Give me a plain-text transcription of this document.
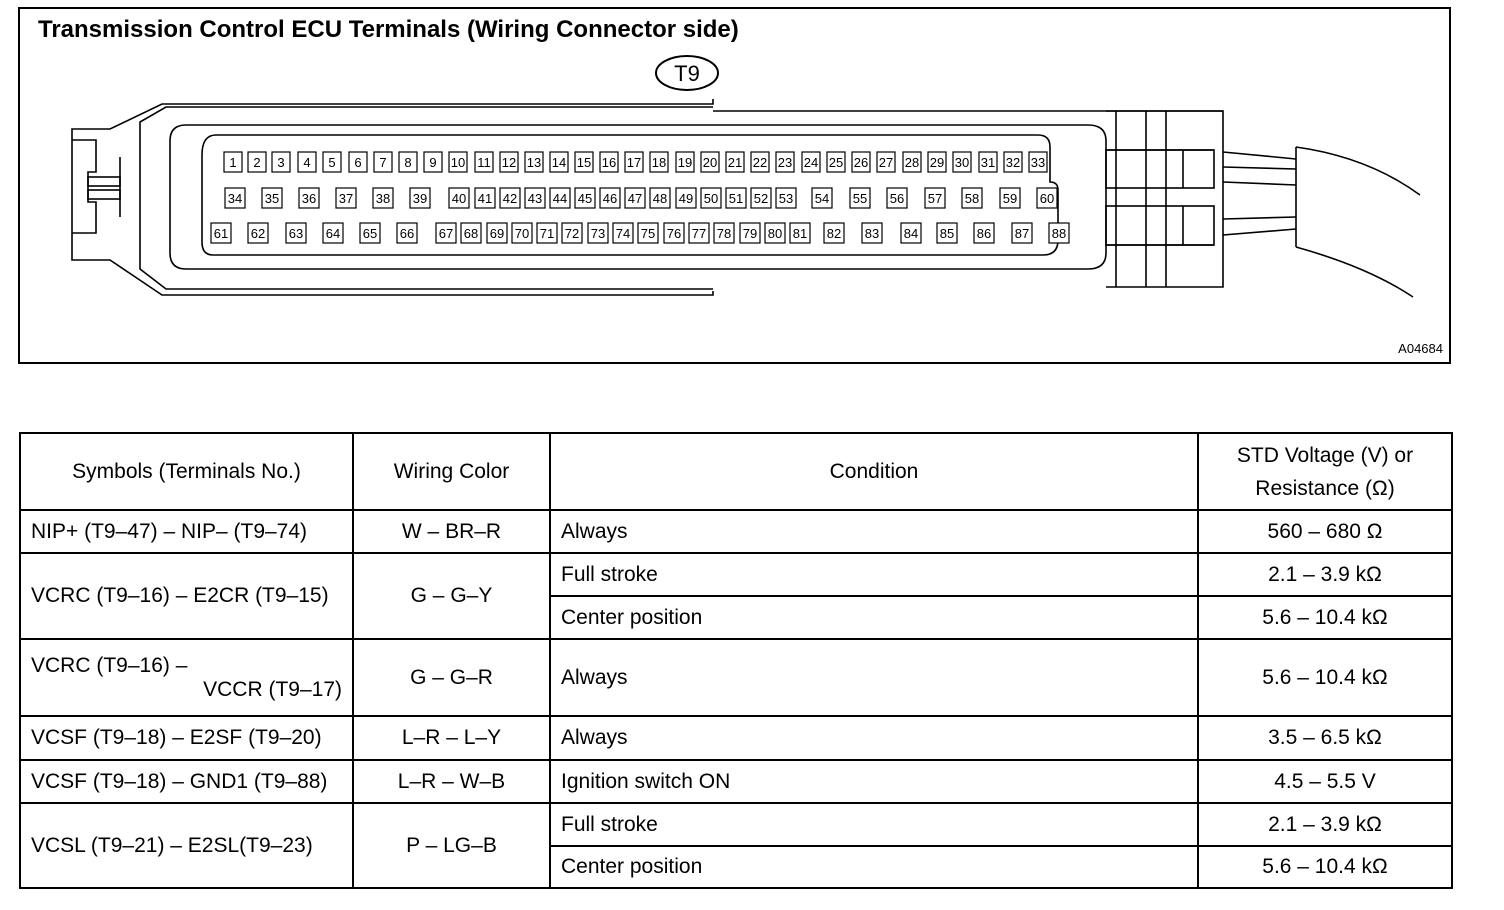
Transmission Control ECU Terminals (Wiring Connector side)
T9
1 2 3 4 5 6 7 8 9 10 11 12 13 14 15 16 17 18 19 20 21 22 23 24 25 26 27 28 29 30 31 32 33
34 35 36 37 38 39 40 41 42 43 44 45 46 47 48 49 50 51 52 53 54 55 56 57 58 59 60
61 62 63 64 65 66 67 68 69 70 71 72 73 74 75 76 77 78 79 80 81 82 83 84 85 86 87 88
A04684
Symbols (Terminals No.)	Wiring Color	Condition	STD Voltage (V) or
Resistance (Ω)

NIP+ (T9–47) – NIP– (T9–74)	W – BR–R	Always	560 – 680 Ω
VCRC (T9–16) – E2CR (T9–15)	G – G–Y	Full stroke	2.1 – 3.9 kΩ
		Center position	5.6 – 10.4 kΩ

VCRC (T9–16) –
VCCR (T9–17)	G – G–R	Always	5.6 – 10.4 kΩ
VCSF (T9–18) – E2SF (T9–20)	L–R – L–Y	Always	3.5 – 6.5 kΩ
VCSF (T9–18) – GND1 (T9–88)	L–R – W–B	Ignition switch ON	4.5 – 5.5 V
VCSL (T9–21) – E2SL(T9–23)	P – LG–B	Full stroke	2.1 – 3.9 kΩ
		Center position	5.6 – 10.4 kΩ
